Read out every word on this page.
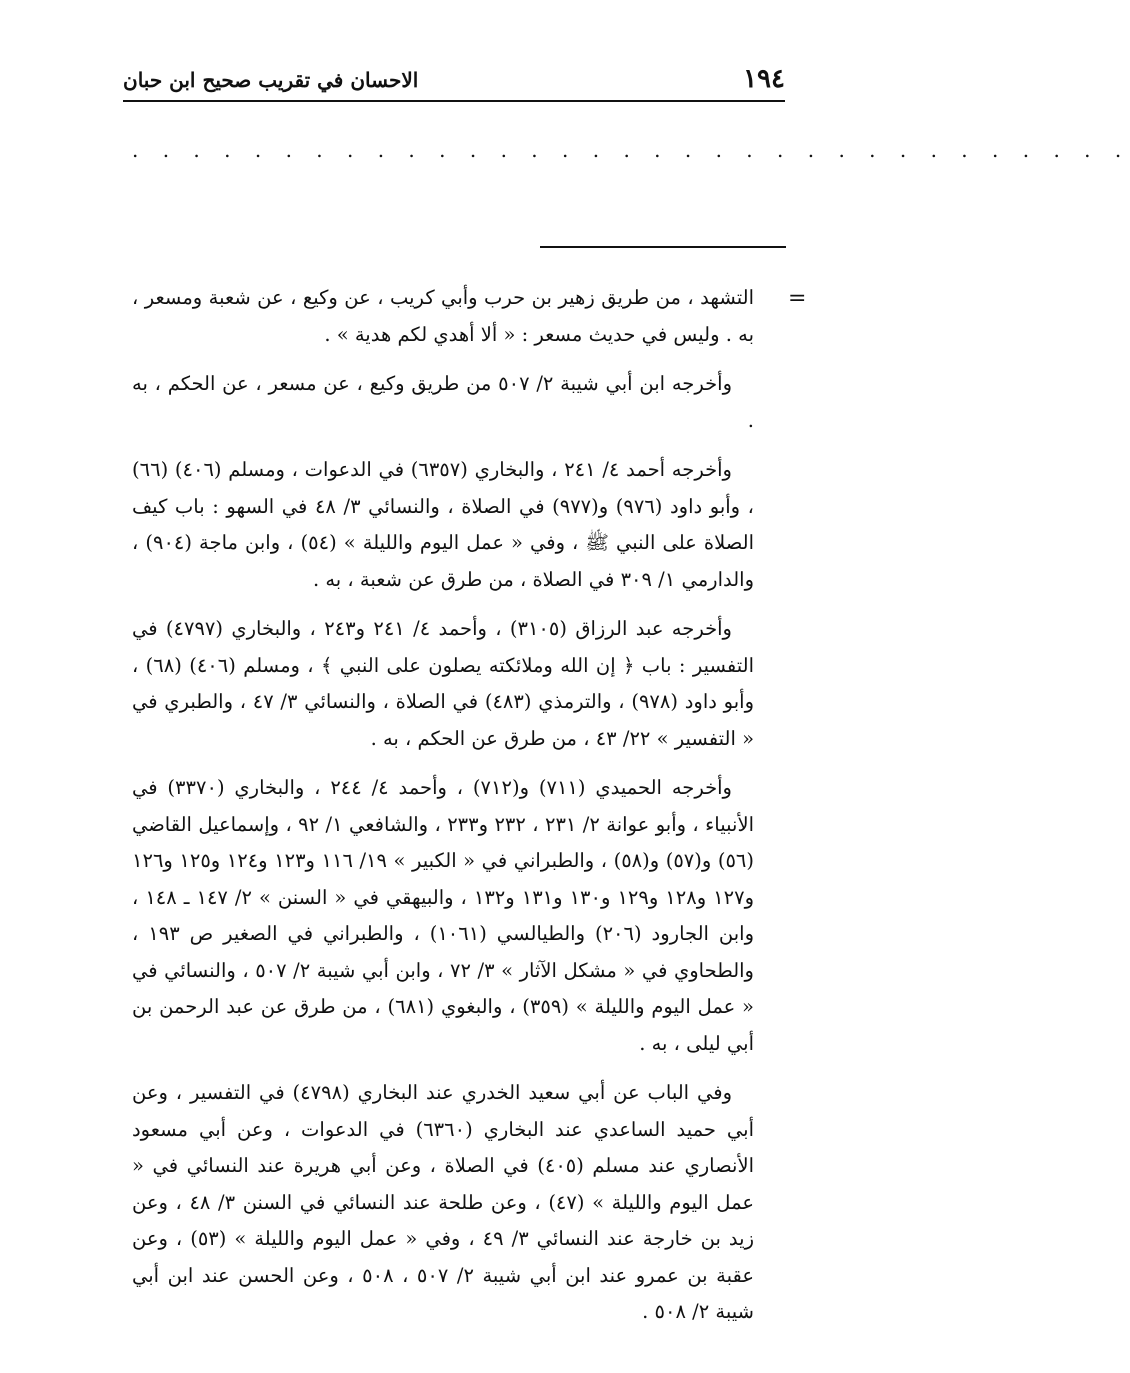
١٩٤
الاحسان في تقريب صحيح ابن حبان
. . . . . . . . . . . . . . . . . . . . . . . . . . . . . . . . .
=

التشهد ، من طريق زهير بن حرب وأبي كريب ، عن وكيع ، عن شعبة ومسعر ، به . وليس في حديث مسعر : « ألا أهدي لكم هدية » .

وأخرجه ابن أبي شيبة ٢/ ٥٠٧ من طريق وكيع ، عن مسعر ، عن الحكم ، به .

وأخرجه أحمد ٤/ ٢٤١ ، والبخاري (٦٣٥٧) في الدعوات ، ومسلم (٤٠٦) (٦٦) ، وأبو داود (٩٧٦) و(٩٧٧) في الصلاة ، والنسائي ٣/ ٤٨ في السهو : باب كيف الصلاة على النبي ﷺ ، وفي « عمل اليوم والليلة » (٥٤) ، وابن ماجة (٩٠٤) ، والدارمي ١/ ٣٠٩ في الصلاة ، من طرق عن شعبة ، به .

وأخرجه عبد الرزاق (٣١٠٥) ، وأحمد ٤/ ٢٤١ و٢٤٣ ، والبخاري (٤٧٩٧) في التفسير : باب ﴿ إن الله وملائكته يصلون على النبي ﴾ ، ومسلم (٤٠٦) (٦٨) ، وأبو داود (٩٧٨) ، والترمذي (٤٨٣) في الصلاة ، والنسائي ٣/ ٤٧ ، والطبري في « التفسير » ٢٢/ ٤٣ ، من طرق عن الحكم ، به .

وأخرجه الحميدي (٧١١) و(٧١٢) ، وأحمد ٤/ ٢٤٤ ، والبخاري (٣٣٧٠) في الأنبياء ، وأبو عوانة ٢/ ٢٣١ ، ٢٣٢ و٢٣٣ ، والشافعي ١/ ٩٢ ، وإسماعيل القاضي (٥٦) و(٥٧) و(٥٨) ، والطبراني في « الكبير » ١٩/ ١١٦ و١٢٣ و١٢٤ و١٢٥ و١٢٦ و١٢٧ و١٢٨ و١٢٩ و١٣٠ و١٣١ و١٣٢ ، والبيهقي في « السنن » ٢/ ١٤٧ ـ ١٤٨ ، وابن الجارود (٢٠٦) والطيالسي (١٠٦١) ، والطبراني في الصغير ص ١٩٣ ، والطحاوي في « مشكل الآثار » ٣/ ٧٢ ، وابن أبي شيبة ٢/ ٥٠٧ ، والنسائي في « عمل اليوم والليلة » (٣٥٩) ، والبغوي (٦٨١) ، من طرق عن عبد الرحمن بن أبي ليلى ، به .

وفي الباب عن أبي سعيد الخدري عند البخاري (٤٧٩٨) في التفسير ، وعن أبي حميد الساعدي عند البخاري (٦٣٦٠) في الدعوات ، وعن أبي مسعود الأنصاري عند مسلم (٤٠٥) في الصلاة ، وعن أبي هريرة عند النسائي في « عمل اليوم والليلة » (٤٧) ، وعن طلحة عند النسائي في السنن ٣/ ٤٨ ، وعن زيد بن خارجة عند النسائي ٣/ ٤٩ ، وفي « عمل اليوم والليلة » (٥٣) ، وعن عقبة بن عمرو عند ابن أبي شيبة ٢/ ٥٠٧ ، ٥٠٨ ، وعن الحسن عند ابن أبي شيبة ٢/ ٥٠٨ .
